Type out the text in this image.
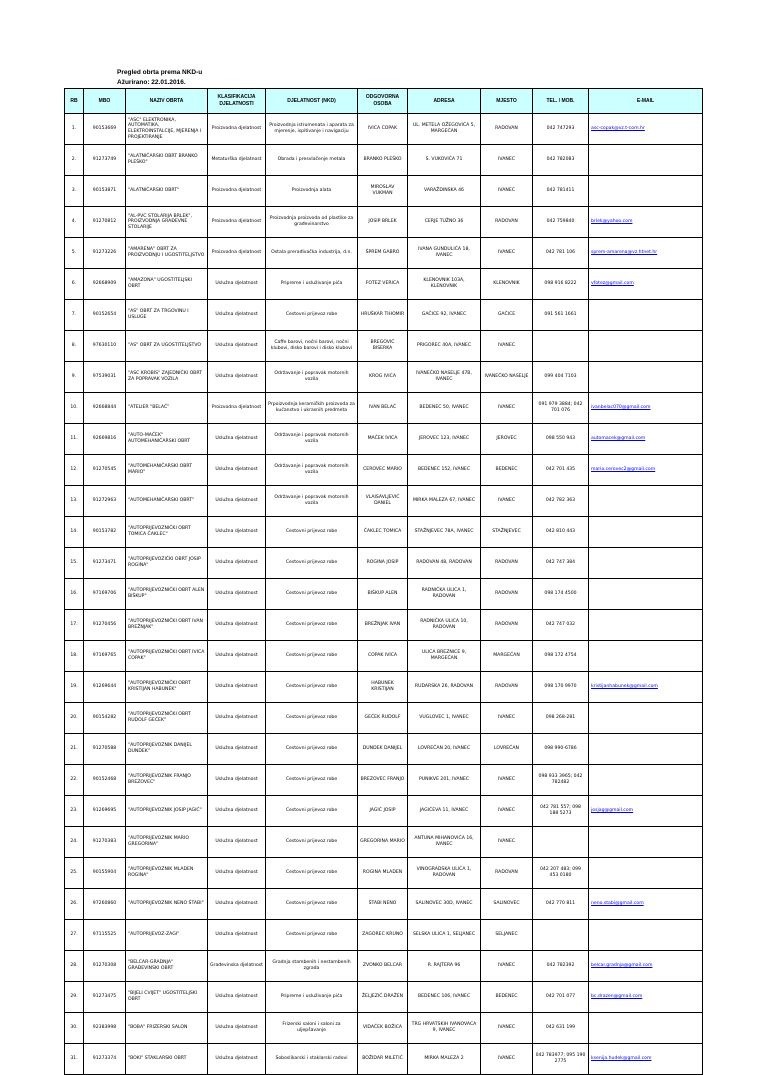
Pregled obrta prema NKD-u
Ažurirano: 22.01.2016.
RB	MBO	NAZIV OBRTA	KLASIFIKACIJA DJELATNOSTI	DJELATNOST (NKD)	ODGOVORNA OSOBA	ADRESA	MJESTO	TEL. / MOB.	E-MAIL
1.	90153669	"ASC" ELEKTRONIKA, AUTOMATIKA, ELEKTROINSTALCIJE, MJERENJA I PROJEKTIRANJE	Proizvodna djelatnost	Proizvodnja istrumenata i aparata za mjerenje, ispitivanje i navigaciju	IVICA COPAK	UL. METELA OŽEGOVIĆA 5, MARGEČAN	RADOVAN	042 747293	asc-copak@vz.t-com.hr
2.	91273749	"ALATNIČARSKI OBRT BRANKO PLEŠKO"	Metaturška djelatnost	Obrada i presvlačenje metala	BRANKO PLEŠKO	S. VUKOVIĆA 71	IVANEC	042 782083	
3.	90153871	"ALATNIČARSKI OBRT"	Proizvodna djelatnost	Proizvodnja alata	MIROSLAV VUKMAN	VARAŽDINSKA 46	IVANEC	042 781411	
4.	91270812	"AL-PVC STOLARIJA BRLEK", PROIZVODNJA GRAĐEVNE STOLARIJE	Proizvodna djelatnost	Proizvodnja proizvoda od plastike za građevinarstvo	JOSIP BRLEK	CERJE TUŽNO 36	RADOVAN	042 759840	brlek@yahoo.com
5.	91273226	"AMARENA" OBRT ZA PROIZVODNJU I UGOSTITELJSTVO	Proizvodna djelatnost	Ostala prerađivačka industrija, d.n.	ŠPREM GABRO	IVANA GUNDULIĆA 18, IVANEC	IVANEC	042 781 106	sprem-amarena@vz.htnet.hr
6.	92668909	"AMAZONA" UGOSTITELJSKI OBRT	Uslužna djelatnost	Pripreme i usluživanje pića	FOTEZ VERICA	KLENOVNIK 103A, KLENOVNIK	KLENOVNIK	098 916 8222	vfotez@gmail.com
7.	90152654	"AS" OBRT ZA TRGOVINU I USLUGE	Uslužna djelatnost	Cestovni prijevoz robe	HRUŠKAR TIHOMIR	GAČICE 92, IVANEC	GAČICE	091 561 1661	
8.	97630110	"AS" OBRT ZA UGOSTITELJSTVO	Uslužna djelatnost	Caffe barovi, noćni barovi, noćni klubovi, disko barovi i disko klubovi	BREGOVIĆ BISERKA	PRIGOREC 40A, IVANEC	IVANEC		
9.	97539031	"ASC KROBIS" ZAJEDNIČKI OBRT ZA POPRAVAK VOZILA	Uslužna djelatnost	Održavanje i popravak motornih vozila	KROG IVICA	IVANEČKO NASELJE 47B, IVANEC	IVANEČKO NASELJE	099 404 7103	
10.	92668844	"ATELIER "BELAČ"	Proizvodna djelatnost	Prpoizvodnja keramičkih proizvoda za kućanstvo i ukrasnih predmeta	IVAN BELAČ	BEDENEC 50, IVANEC	IVANEC	091 979 3884; 042 701 076	ivanbelac070@gmail.com
11.	92669816	"AUTO-MAČEK" AUTOMEHANIČARSKI OBRT	Uslužna djelatnost	Održavanje i popravak motornih vozila	MAČEK IVICA	JEROVEC 123, IVANEC	JEROVEC	098 550 943	automacek@gmail.com
12.	91270545	"AUTOMEHANIČARSKI OBRT MARIO"	Uslužna djelatnost	Održavanje i popravak motornih vozila	CEROVEC MARIO	BEDENEC 152, IVANEC	BEDENEC	042 701 435	mario.cerovec2@gmail.com
13.	91272963	"AUTOMEHANIČARSKI OBRT"	Uslužna djelatnost	Održavanje i popravak motornih vozila	VLAISAVLJEVIĆ DANIEL	MIRKA MALEZA 67, IVANEC	IVANEC	042 782 363	
14.	90153782	"AUTOPRIJEVOZNIČKI OBRT TOMICA ČAKLEC"	Uslužna djelatnost	Cestovni prijevoz robe	ČAKLEC TOMICA	STAŽNJEVEC 78A, IVANEC	STAŽNJEVEC	042 810 443	
15.	91273471	"AUTOPRIJEVOZIČKI OBRT JOSIP ROGINA"	Uslužna djelatnost	Cestovni prijevoz robe	ROGINA JOSIP	RADOVAN 48, RADOVAN	RADOVAN	042 747 384	
16.	97169706	"AUTOPRIJEVOZNIČKI OBRT ALEN BIŠKUP"	Uslužna djelatnost	Cestovni prijevoz robe	BIŠKUP ALEN	RADNIČKA ULICA 1, RADOVAN	RADOVAN	098 174 4500	
17.	91270456	"AUTOPRIJEVOZNIČKI OBRT IVAN BREŽNJAK"	Uslužna djelatnost	Cestovni prijevoz robe	BREŽNJAK IVAN	RADNIČKA ULICA 10, RADOVAN	RADOVAN	042 747 032	
18.	97169765	"AUTOPRIJEVOZNIČKI OBRT IVICA COPAK"	Uslužna djelatnost	Cestovni prijevoz robe	COPAK IVICA	ULICA BREZNICE 9, MARGEČAN	MARGEČAN	098 172 4754	
19.	91269644	"AUTOPRIJEVOZNIČKI OBRT KRISTIJAN HABUNEK"	Uslužna djelatnost	Cestovni prijevoz robe	HABUNEK KRISTIJAN	RUDARSKA 26, RADOVAN	RADOVAN	098 170 9970	kristijanhabunek@gmail.com
20.	90154282	"AUTOPRIJEVOZNIČKI OBRT RUDOLF GEČEK"	Uslužna djelatnost	Cestovni prijevoz robe	GEČEK RUDOLF	VUGLOVEC 1, IVANEC	IVANEC	098 268-281	
21.	91270588	"AUTOPRIJEVOZNIK DANIJEL DUNDEK"	Uslužna djelatnost	Cestovni prijevoz robe	DUNDEK DANIJEL	LOVREČAN 20, IVANEC	LOVREČAN	098 990-6786	
22.	90152468	"AUTOPRIJEVOZNIK FRANJO BREZOVEC"	Uslužna djelatnost	Cestovni prijevoz robe	BREZOVEC FRANJO	PUNIKVE 201, IVANEC	IVANEC	098 933 3965; 042 782482	
23.	91269695	"AUTOPRIJEVOZNIK JOSIP JAGIĆ"	Uslužna djelatnost	Cestovni prijevoz robe	JAGIĆ JOSIP	JAGIĆEVA 11, IVANEC	IVANEC	042 781 557; 098 188 5273	josjag@gmail.com
24.	91270383	"AUTOPRIJEVOZNIK MARIO GREGORINA"	Uslužna djelatnost	Cestovni prijevoz robe	GREGORINA MARIO	ANTUNA MIHANOVIĆA 16, IVANEC	IVANEC		
25.	90155904	"AUTOPRIJEVOZNIK MLADEN ROGINA"	Uslužna djelatnost	Cestovni prijevoz robe	ROGINA MLADEN	VINOGRADSKA ULICA 1, RADOVAN	RADOVAN	042 207 483; 099 453 0180	
26.	97260860	"AUTOPRIJEVOZNIK NENO ŠTABI"	Uslužna djelatnost	Cestovni prijevoz robe	ŠTABI NENO	SALINOVEC 30D, IVANEC	SALINOVEC	042 770 811	neno.stabi@gmail.com
27.	97115525	"AUTOPRIJEVOZ-ZAGI"	Uslužna djelatnost	Cestovni prijevoz robe	ZAGOREC KRUNO	SELSKA ULICA 1, SELJANEC	SELJANEC		
28.	91270308	"BELCAR-GRADNJA" GRAĐEVINSKI OBRT	Građevinska djelatnost	Gradnja stambenih i nestambenih zgrada	ZVONKO BELCAR	R. RAJTERA 96	IVANEC	042 782392	belcar.gradnja@gmail.com
29.	91273475	"BIJELI CVIJET" UGOSTITELJSKI OBRT	Uslužna djelatnost	Pripreme i usluživanje pića	ŽELJEZIĆ DRAŽEN	BEDENEC 106, IVANEC	BEDENEC	042 701 077	bc.drazen@gmail.com
30.	92383998	"BOBA" FRIZERSKI SALON	Uslužna djelatnost	Frizerski saloni i saloni za uljepšavanje	VIDAČEK BOŽICA	TRG HRVATSKIH IVANOVACA 9, IVANEC	IVANEC	042 631 199	
31.	91273374	"BOKI" STAKLARSKI OBRT	Uslužna djelatnost	Soboslikarski i staklarski radovi	BOŽIDAR MILETIĆ	MIRKA MALEZA 2	IVANEC	042 783977; 095 190 2775	ksenija.hudek@gmail.com
